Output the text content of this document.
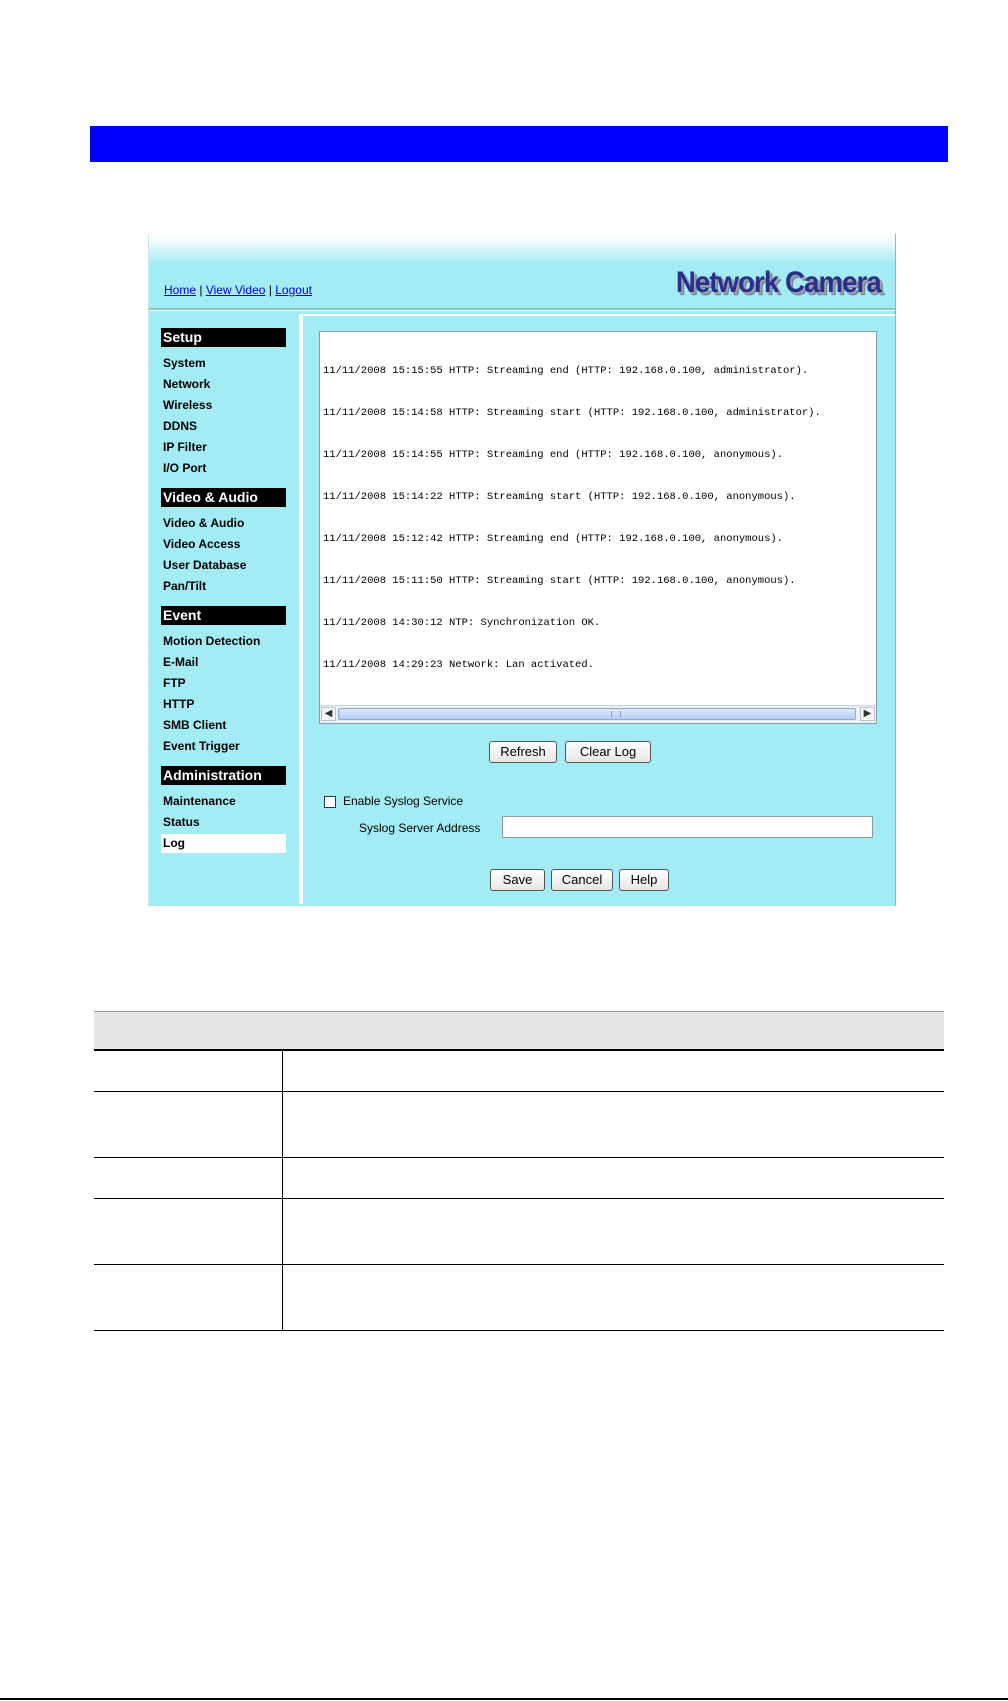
Home | View Video | Logout	Network Camera
Setup
System
Network
Wireless
DDNS
IP Filter
I/O Port
Video & Audio
Video & Audio
Video Access
User Database
Pan/Tilt
Event
Motion Detection
E-Mail
FTP
HTTP
SMB Client
Event Trigger
Administration
Maintenance
Status
Log

11/11/2008 15:15:55 HTTP: Streaming end (HTTP: 192.168.0.100, administrator).

11/11/2008 15:14:58 HTTP: Streaming start (HTTP: 192.168.0.100, administrator).

11/11/2008 15:14:55 HTTP: Streaming end (HTTP: 192.168.0.100, anonymous).

11/11/2008 15:14:22 HTTP: Streaming start (HTTP: 192.168.0.100, anonymous).

11/11/2008 15:12:42 HTTP: Streaming end (HTTP: 192.168.0.100, anonymous).

11/11/2008 15:11:50 HTTP: Streaming start (HTTP: 192.168.0.100, anonymous).

11/11/2008 14:30:12 NTP: Synchronization OK.

11/11/2008 14:29:23 Network: Lan activated.

◀	▶
Refresh	Clear Log
Enable Syslog Service
Syslog Server Address
Save	Cancel	Help
